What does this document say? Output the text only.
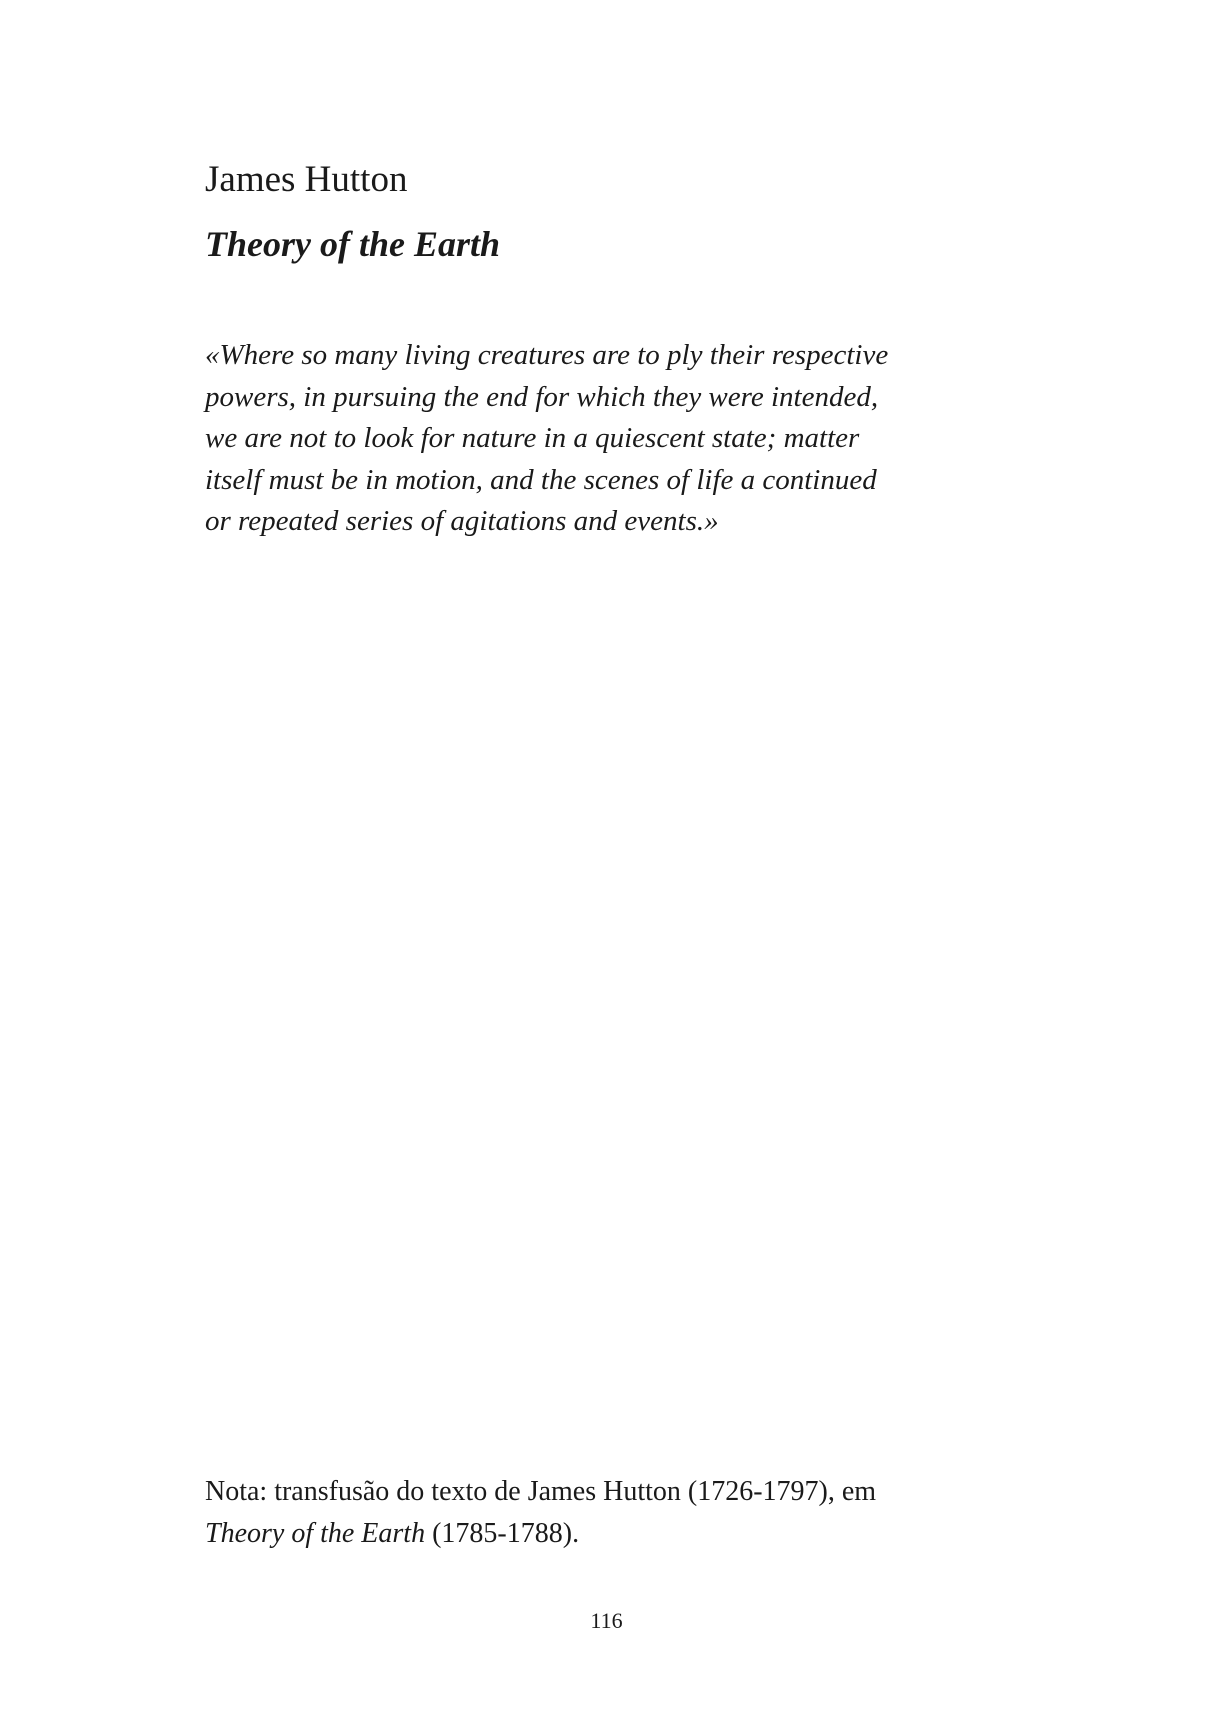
James Hutton
Theory of the Earth
«Where so many living creatures are to ply their respective
powers, in pursuing the end for which they were intended,
we are not to look for nature in a quiescent state; matter
itself must be in motion, and the scenes of life a continued
or repeated series of agitations and events.»

Nota: transfusão do texto de James Hutton (1726-1797), em
Theory of the Earth (1785-1788).

116
